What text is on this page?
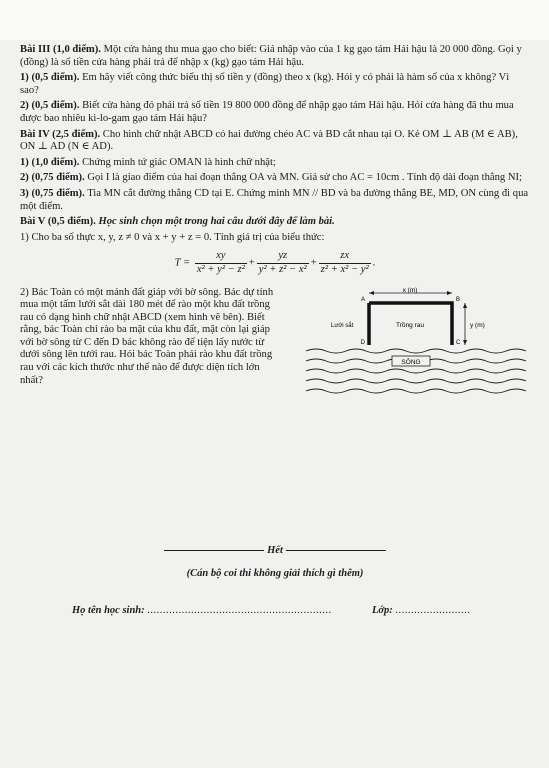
Bài III (1,0 điểm). Một cửa hàng thu mua gạo cho biết: Giá nhập vào của 1 kg gạo tám Hải hậu là 20 000 đồng. Gọi y (đồng) là số tiền cửa hàng phải trả để nhập x (kg) gạo tám Hải hậu.

1) (0,5 điểm). Em hãy viết công thức biểu thị số tiền y (đồng) theo x (kg). Hỏi y có phải là hàm số của x không? Vì sao?

2) (0,5 điểm). Biết cửa hàng đó phải trả số tiền 19 800 000 đồng để nhập gạo tám Hải hậu. Hỏi cửa hàng đã thu mua được bao nhiêu ki-lo-gam gạo tám Hải hậu?

Bài IV (2,5 điểm). Cho hình chữ nhật ABCD có hai đường chéo AC và BD cắt nhau tại O. Kẻ OM ⊥ AB (M ∈ AB), ON ⊥ AD (N ∈ AD).

1) (1,0 điểm). Chứng minh tứ giác OMAN là hình chữ nhật;

2) (0,75 điểm). Gọi I là giao điểm của hai đoạn thẳng OA và MN. Giả sử cho AC = 10cm . Tính độ dài đoạn thẳng NI;

3) (0,75 điểm). Tia MN cắt đường thẳng CD tại E. Chứng minh MN // BD và ba đường thẳng BE, MD, ON cùng đi qua một điểm.

Bài V (0,5 điểm). Học sinh chọn một trong hai câu dưới đây để làm bài.

1) Cho ba số thực x, y, z ≠ 0 và x + y + z = 0. Tính giá trị của biểu thức:

$T = \frac{xy}{\text{x² + y² − z²}} + \frac{yz}{\text{y² + z² − x²}} + \frac{zx}{\text{z² + x² − y²}}$ .

2) Bác Toàn có một mảnh đất giáp với bờ sông. Bác dự tính mua một tấm lưới sắt dài 180 mét để rào một khu đất trồng rau có dạng hình chữ nhật ABCD (xem hình vẽ bên). Biết rằng, bác Toàn chỉ rào ba mặt của khu đất, mặt còn lại giáp với bờ sông từ C đến D bác không rào để tiện lấy nước từ dưới sông lên tưới rau. Hỏi bác Toàn phải rào khu đất trồng rau với các kích thước như thế nào để được diện tích lớn nhất?

x (m)
A	B
D	C
y (m)
Lưới sắt	Trồng rau
SÔNG
Hết
(Cán bộ coi thi không giải thích gì thêm)
Họ tên học sinh: ...........................................................	Lớp: ........................
